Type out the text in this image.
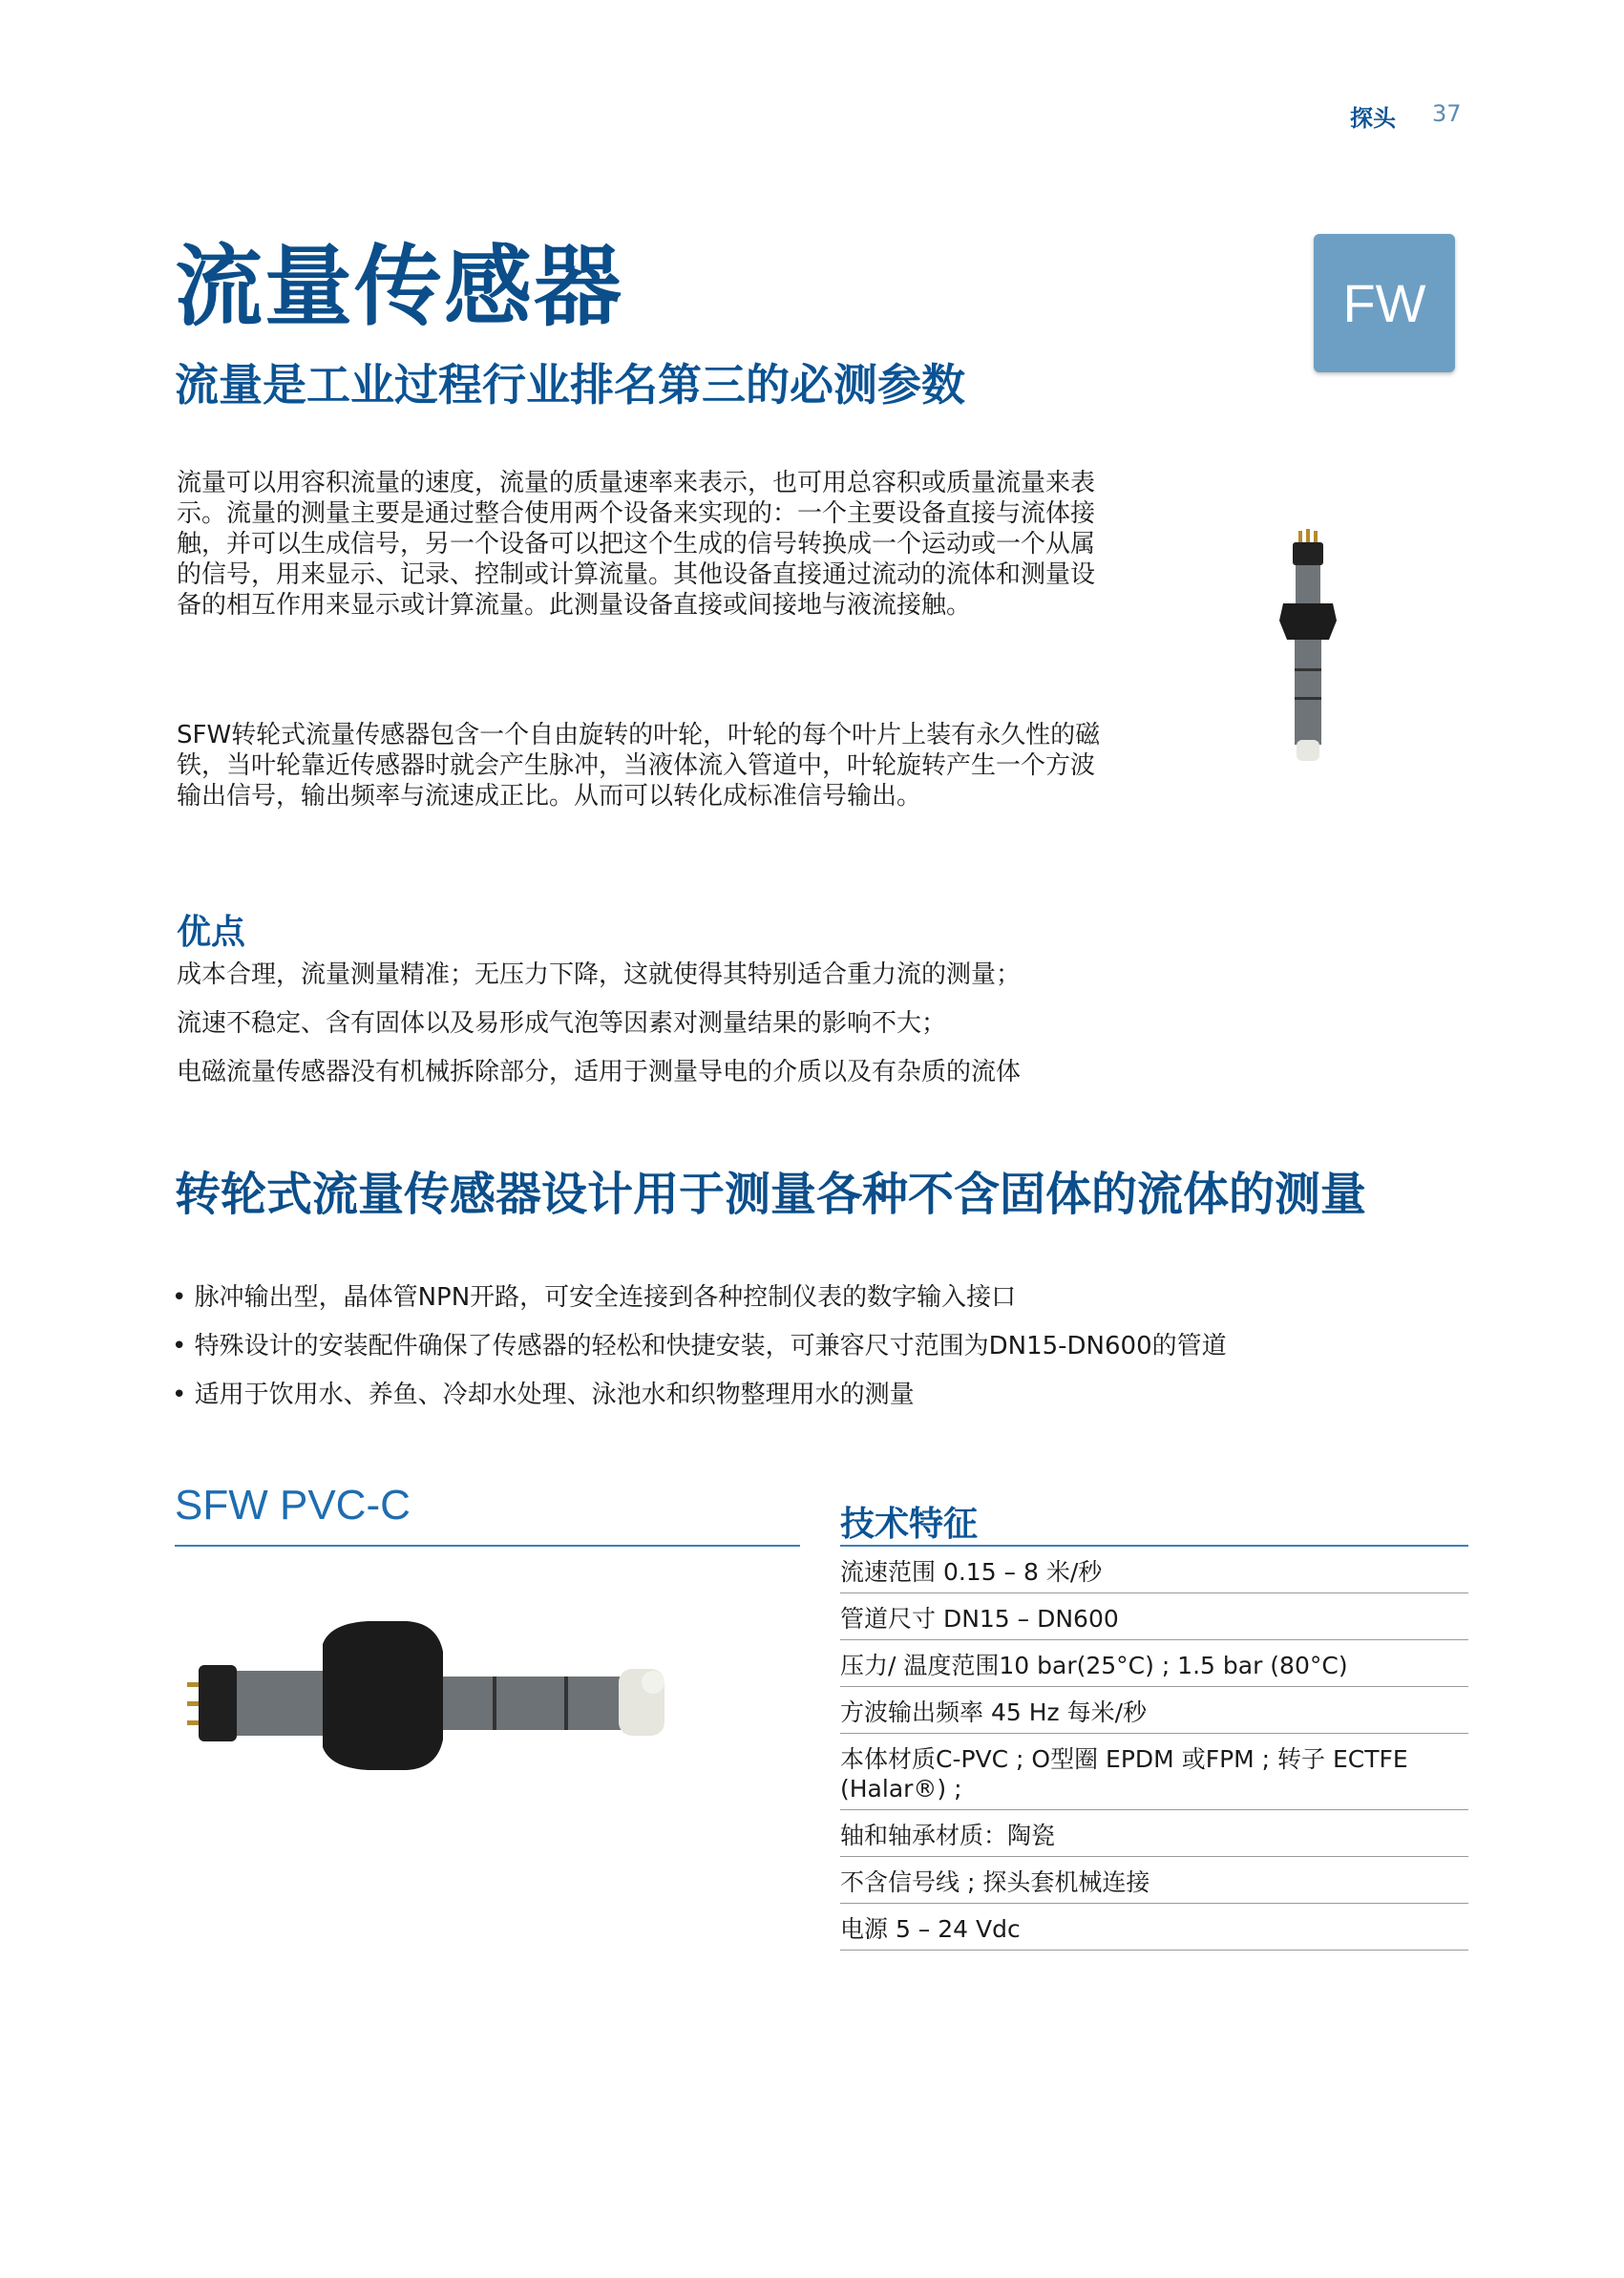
探头 37
流量传感器
流量是工业过程行业排名第三的必测参数
FW
流量可以用容积流量的速度，流量的质量速率来表示，也可用总容积或质量流量来表示。流量的测量主要是通过整合使用两个设备来实现的：一个主要设备直接与流体接触，并可以生成信号，另一个设备可以把这个生成的信号转换成一个运动或一个从属的信号，用来显示、记录、控制或计算流量。其他设备直接通过流动的流体和测量设备的相互作用来显示或计算流量。此测量设备直接或间接地与液流接触。
SFW转轮式流量传感器包含一个自由旋转的叶轮，叶轮的每个叶片上装有永久性的磁铁，当叶轮靠近传感器时就会产生脉冲，当液体流入管道中，叶轮旋转产生一个方波输出信号，输出频率与流速成正比。从而可以转化成标准信号输出。
优点
成本合理，流量测量精准；无压力下降，这就使得其特别适合重力流的测量；
流速不稳定、含有固体以及易形成气泡等因素对测量结果的影响不大；
电磁流量传感器没有机械拆除部分，适用于测量导电的介质以及有杂质的流体
转轮式流量传感器设计用于测量各种不含固体的流体的测量
• 脉冲输出型，晶体管NPN开路，可安全连接到各种控制仪表的数字输入接口
• 特殊设计的安装配件确保了传感器的轻松和快捷安装，可兼容尺寸范围为DN15-DN600的管道
• 适用于饮用水、养鱼、冷却水处理、泳池水和织物整理用水的测量
SFW PVC-C	技术特征
流速范围 0.15 – 8 米/秒
管道尺寸 DN15 – DN600
压力/ 温度范围10 bar(25°C) ; 1.5 bar (80°C)
方波输出频率 45 Hz 每米/秒
本体材质C-PVC ; O型圈 EPDM 或FPM ; 转子 ECTFE (Halar®) ;
轴和轴承材质：陶瓷
不含信号线 ; 探头套机械连接
电源 5 – 24 Vdc
